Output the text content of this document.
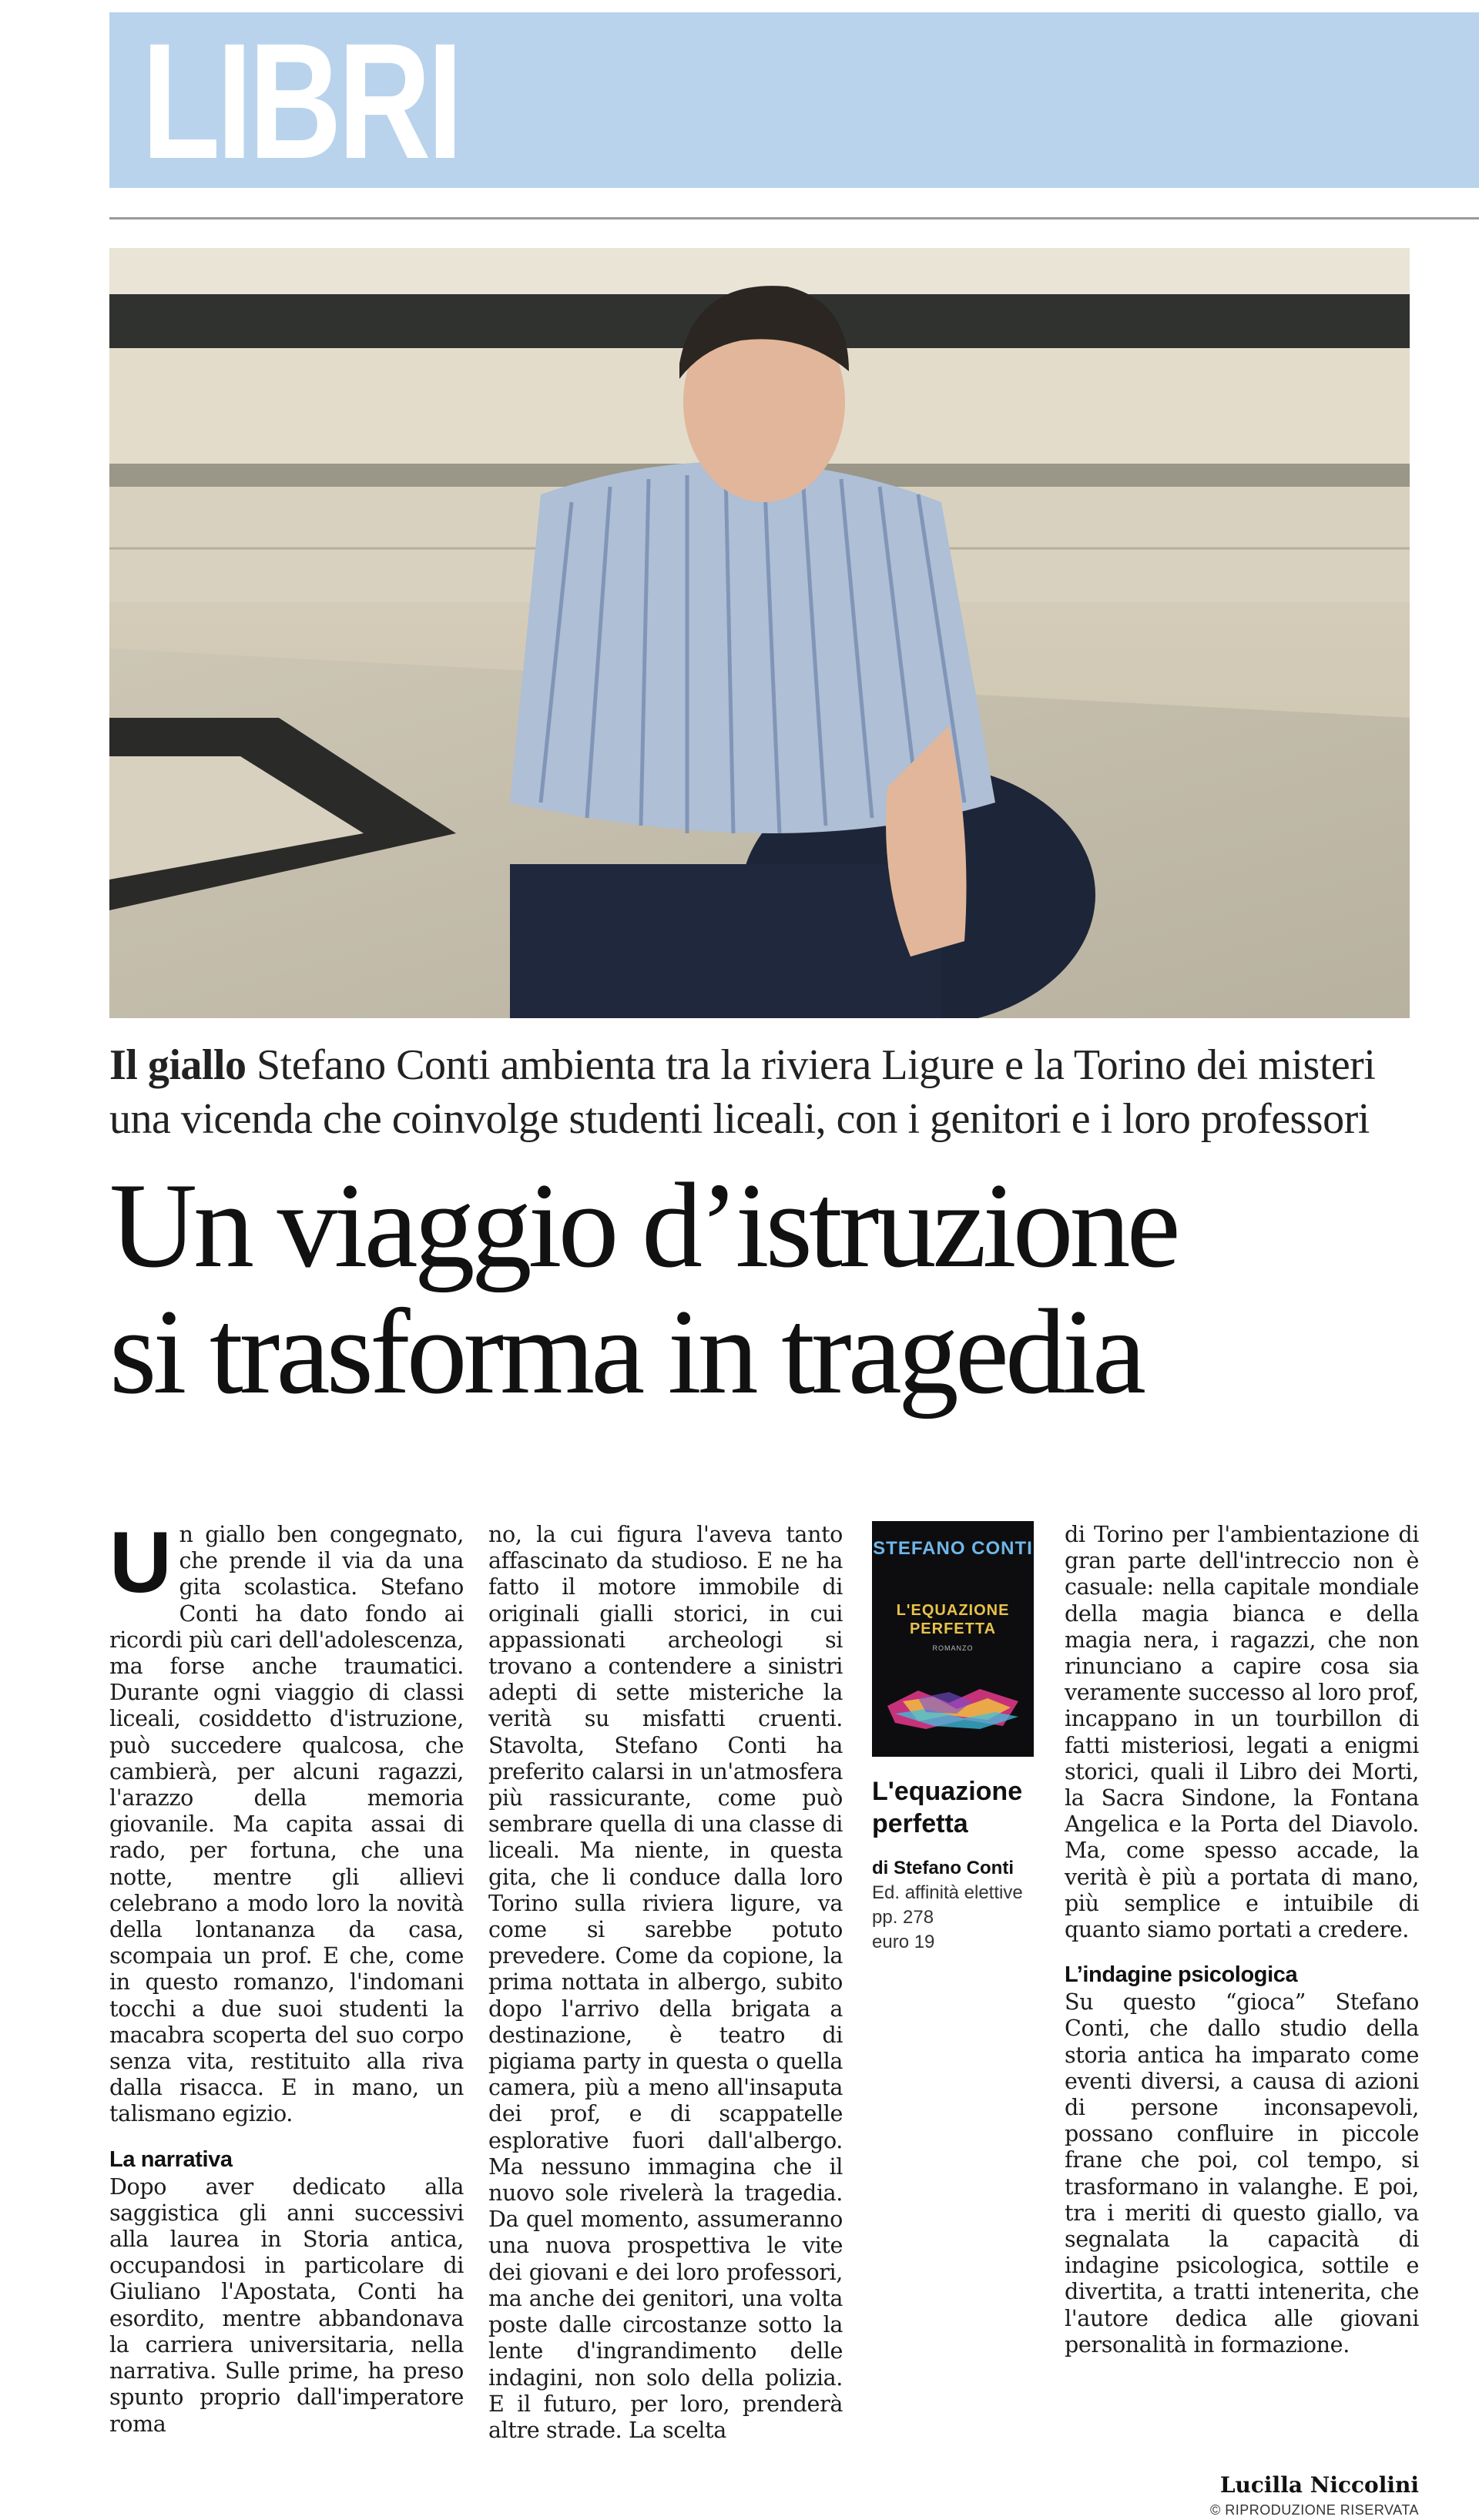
LIBRI
Il giallo Stefano Conti ambienta tra la riviera Ligure e la Torino dei misteri una vicenda che coinvolge studenti liceali, con i genitori e i loro professori
Un viaggio d’istruzione
si trasforma in tragedia

Un giallo ben congegnato, che prende il via da una gita scolastica. Stefano Conti ha dato fondo ai ricordi più cari dell'adolescenza, ma forse anche traumatici. Durante ogni viaggio di classi liceali, cosiddetto d'istruzione, può succedere qualcosa, che cambierà, per alcuni ragazzi, l'arazzo della memoria giovanile. Ma capita assai di rado, per fortuna, che una notte, mentre gli allievi celebrano a modo loro la novità della lontananza da casa, scompaia un prof. E che, come in questo romanzo, l'indomani tocchi a due suoi studenti la macabra scoperta del suo corpo senza vita, restituito alla riva dalla risacca. E in mano, un talismano egizio.

La narrativa

Dopo aver dedicato alla saggistica gli anni successivi alla laurea in Storia antica, occupandosi in particolare di Giuliano l'Apostata, Conti ha esordito, mentre abbandonava la carriera universitaria, nella narrativa. Sulle prime, ha preso spunto proprio dall'imperatore roma

no, la cui figura l'aveva tanto affascinato da studioso. E ne ha fatto il motore immobile di originali gialli storici, in cui appassionati archeologi si trovano a contendere a sinistri adepti di sette misteriche la verità su misfatti cruenti. Stavolta, Stefano Conti ha preferito calarsi in un'atmosfera più rassicurante, come può sembrare quella di una classe di liceali. Ma niente, in questa gita, che li conduce dalla loro Torino sulla riviera ligure, va come si sarebbe potuto prevedere. Come da copione, la prima nottata in albergo, subito dopo l'arrivo della brigata a destinazione, è teatro di pigiama party in questa o quella camera, più a meno all'insaputa dei prof, e di scappatelle esplorative fuori dall'albergo. Ma nessuno immagina che il nuovo sole rivelerà la tragedia. Da quel momento, assumeranno una nuova prospettiva le vite dei giovani e dei loro professori, ma anche dei genitori, una volta poste dalle circostanze sotto la lente d'ingrandimento delle indagini, non solo della polizia. E il futuro, per loro, prenderà altre strade. La scelta

STEFANO CONTI
L'EQUAZIONE PERFETTA
ROMANZO
L'equazione perfetta
di Stefano Conti
Ed. affinità elettive
pp. 278
euro 19

di Torino per l'ambientazione di gran parte dell'intreccio non è casuale: nella capitale mondiale della magia bianca e della magia nera, i ragazzi, che non rinunciano a capire cosa sia veramente successo al loro prof, incappano in un tourbillon di fatti misteriosi, legati a enigmi storici, quali il Libro dei Morti, la Sacra Sindone, la Fontana Angelica e la Porta del Diavolo. Ma, come spesso accade, la verità è più a portata di mano, più semplice e intuibile di quanto siamo portati a credere.

L’indagine psicologica

Su questo “gioca” Stefano Conti, che dallo studio della storia antica ha imparato come eventi diversi, a causa di azioni di persone inconsapevoli, possano confluire in piccole frane che poi, col tempo, si trasformano in valanghe. E poi, tra i meriti di questo giallo, va segnalata la capacità di indagine psicologica, sottile e divertita, a tratti intenerita, che l'autore dedica alle giovani personalità in formazione.

Lucilla Niccolini
© RIPRODUZIONE RISERVATA
